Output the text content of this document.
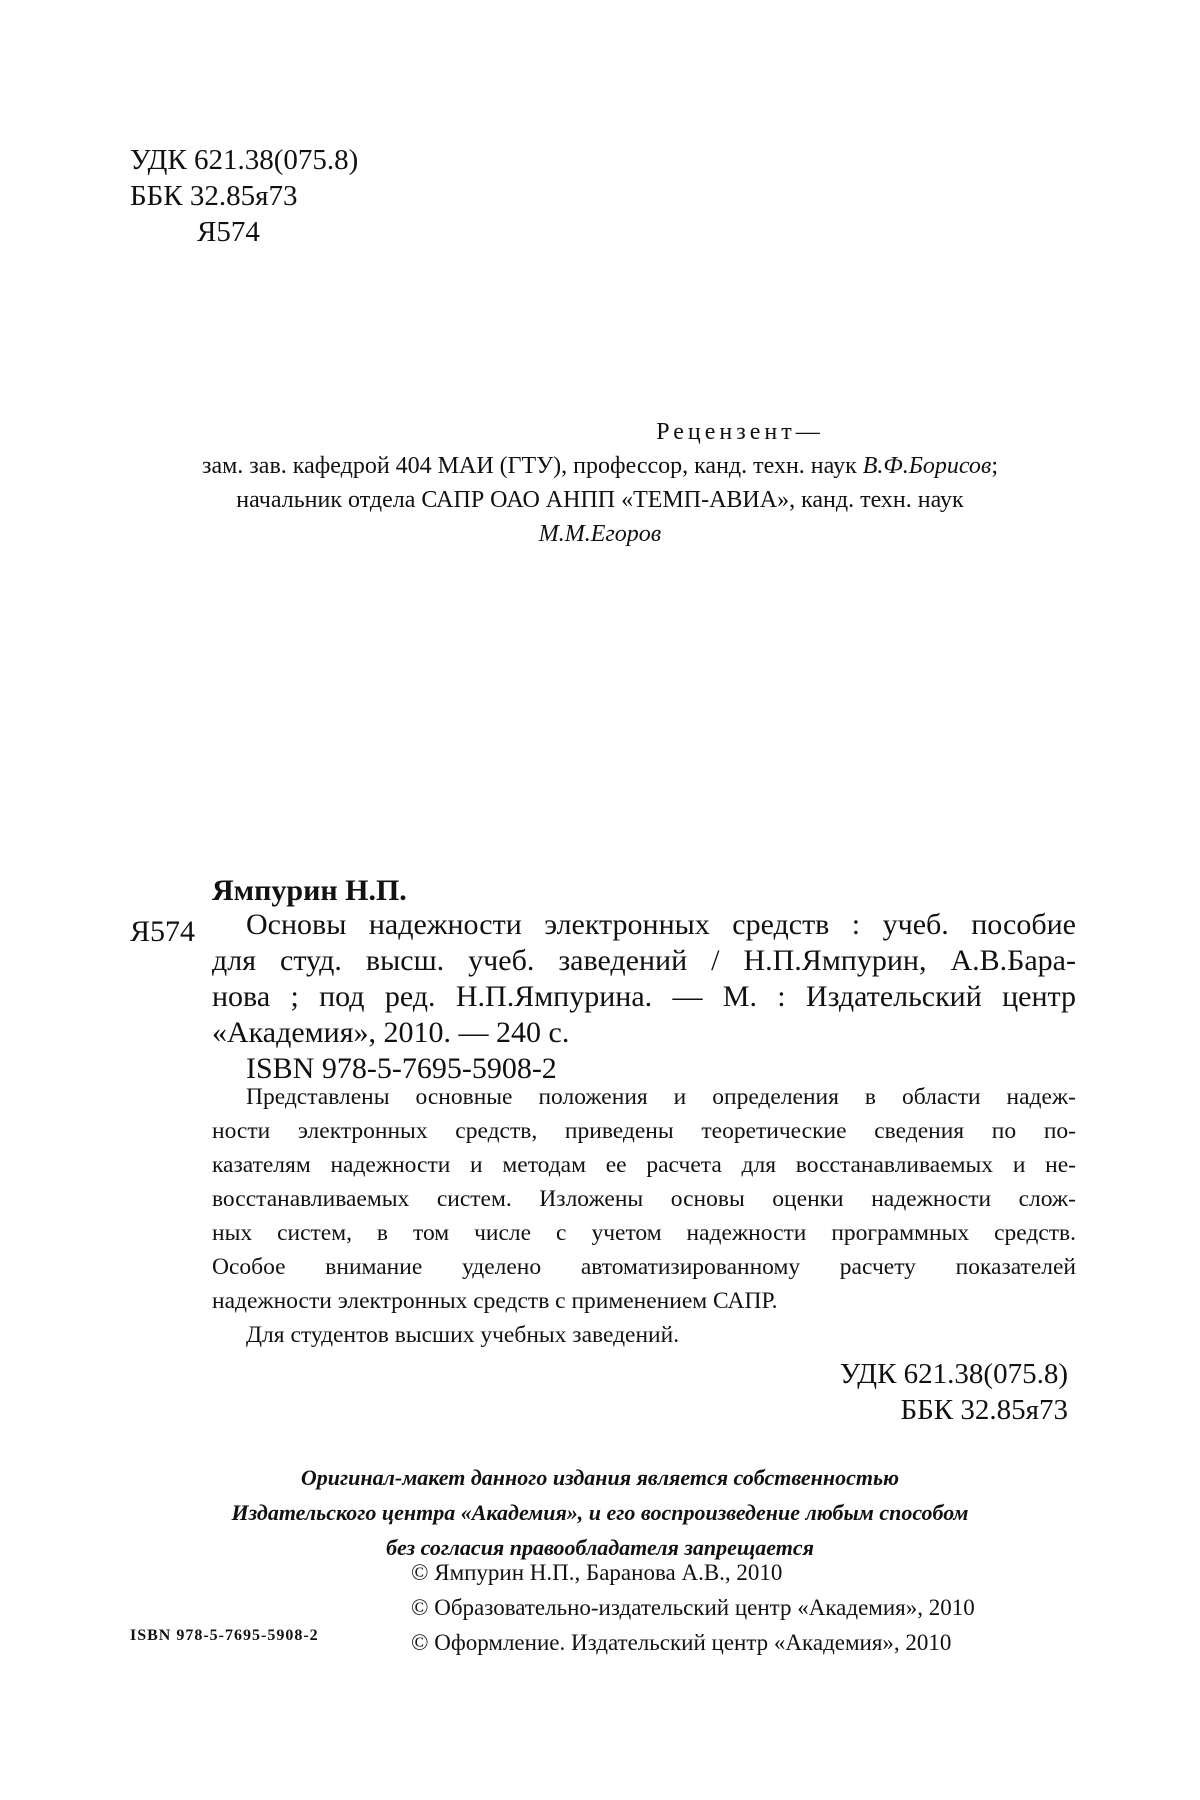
УДК 621.38(075.8)
ББК 32.85я73
Я574
Рецензент—
зам. зав. кафедрой 404 МАИ (ГТУ), профессор, канд. техн. наук В.Ф.Борисов;
начальник отдела САПР ОАО АНПП «ТЕМП-АВИА», канд. техн. наук
М.М.Егоров
Ямпурин Н.П.
Я574 Основы надежности электронных средств : учеб. пособие
для студ. высш. учеб. заведений / Н.П.Ямпурин, А.В.Бара-
нова ; под ред. Н.П.Ямпурина. — М. : Издательский центр
«Академия», 2010. — 240 с.
ISBN 978-5-7695-5908-2
Представлены основные положения и определения в области надеж-
ности электронных средств, приведены теоретические сведения по по-
казателям надежности и методам ее расчета для восстанавливаемых и не-
восстанавливаемых систем. Изложены основы оценки надежности слож-
ных систем, в том числе с учетом надежности программных средств.
Особое внимание уделено автоматизированному расчету показателей
надежности электронных средств с применением САПР.
Для студентов высших учебных заведений.
УДК 621.38(075.8)
ББК 32.85я73
Оригинал-макет данного издания является собственностью
Издательского центра «Академия», и его воспроизведение любым способом
без согласия правообладателя запрещается
© Ямпурин Н.П., Баранова А.В., 2010
© Образовательно-издательский центр «Академия», 2010
© Оформление. Издательский центр «Академия», 2010
ISBN 978-5-7695-5908-2
